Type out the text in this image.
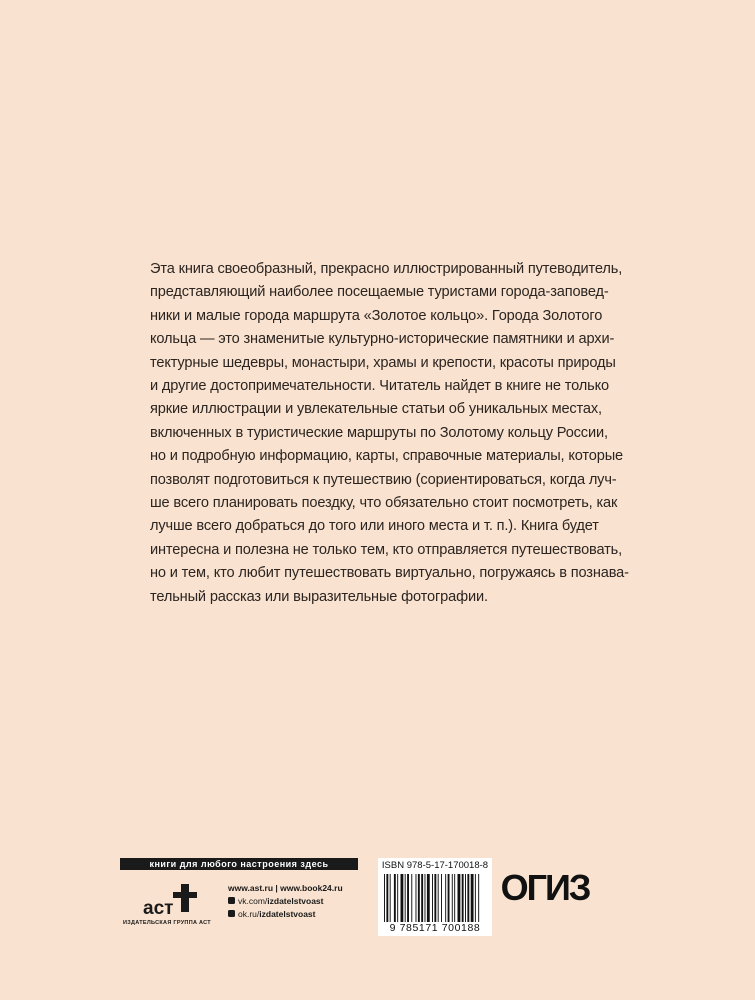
Эта книга своеобразный, прекрасно иллюстрированный путеводитель,
представляющий наиболее посещаемые туристами города-заповед-
ники и малые города маршрута «Золотое кольцо». Города Золотого
кольца — это знаменитые культурно-исторические памятники и архи-
тектурные шедевры, монастыри, храмы и крепости, красоты природы
и другие достопримечательности. Читатель найдет в книге не только
яркие иллюстрации и увлекательные статьи об уникальных местах,
включенных в туристические маршруты по Золотому кольцу России,
но и подробную информацию, карты, справочные материалы, которые
позволят подготовиться к путешествию (сориентироваться, когда луч-
ше всего планировать поездку, что обязательно стоит посмотреть, как
лучше всего добраться до того или иного места и т. п.). Книга будет
интересна и полезна не только тем, кто отправляется путешествовать,
но и тем, кто любит путешествовать виртуально, погружаясь в познава-
тельный рассказ или выразительные фотографии.
книги для любого настроения здесь
аст
ИЗДАТЕЛЬСКАЯ ГРУППА АСТ
www.ast.ru | www.book24.ru
vk.com/ izdatelstvoast
ok.ru/ izdatelstvoast
ISBN 978-5-17-170018-8
9 785171 700188
ОГИЗ
